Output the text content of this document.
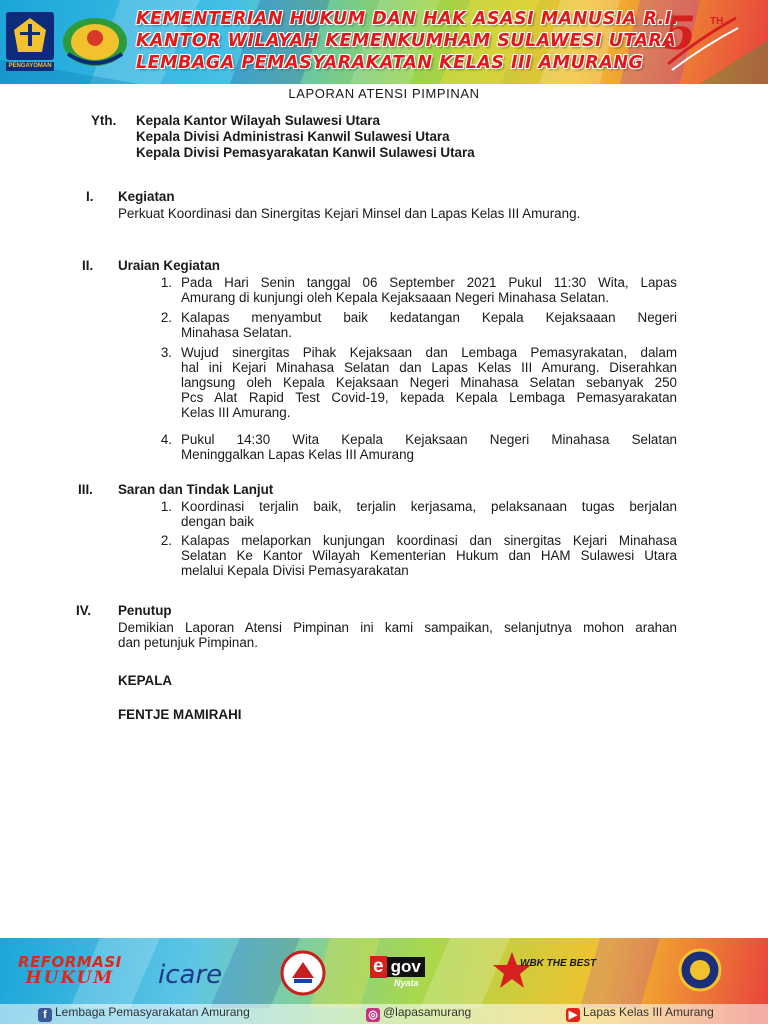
PENGAYOMAN
KEMENTERIAN HUKUM DAN HAK ASASI MANUSIA R.I.
KANTOR WILAYAH KEMENKUMHAM SULAWESI UTARA
LEMBAGA PEMASYARAKATAN KELAS III AMURANG
5 TH
LAPORAN ATENSI PIMPINAN
Yth. Kepala Kantor Wilayah Sulawesi Utara
Kepala Divisi Administrasi Kanwil Sulawesi Utara
Kepala Divisi Pemasyarakatan Kanwil Sulawesi Utara
I. Kegiatan
Perkuat Koordinasi dan Sinergitas Kejari Minsel dan Lapas Kelas III Amurang.
II. Uraian Kegiatan
1. Pada Hari Senin tanggal 06 September 2021 Pukul 11:30 Wita, Lapas
Amurang di kunjungi oleh Kepala Kejaksaaan Negeri Minahasa Selatan.
2. Kalapas menyambut baik kedatangan Kepala Kejaksaaan Negeri
Minahasa Selatan.
3. Wujud sinergitas Pihak Kejaksaan dan Lembaga Pemasyrakatan, dalam
hal ini Kejari Minahasa Selatan dan Lapas Kelas III Amurang. Diserahkan
langsung oleh Kepala Kejaksaan Negeri Minahasa Selatan sebanyak 250
Pcs Alat Rapid Test Covid-19, kepada Kepala Lembaga Pemasyarakatan
Kelas III Amurang.
4. Pukul 14:30 Wita Kepala Kejaksaan Negeri Minahasa Selatan
Meninggalkan Lapas Kelas III Amurang
III. Saran dan Tindak Lanjut
1. Koordinasi terjalin baik, terjalin kerjasama, pelaksanaan tugas berjalan
dengan baik
2. Kalapas melaporkan kunjungan koordinasi dan sinergitas Kejari Minahasa
Selatan Ke Kantor Wilayah Kementerian Hukum dan HAM Sulawesi Utara
melalui Kepala Divisi Pemasyarakatan
IV. Penutup
Demikian Laporan Atensi Pimpinan ini kami sampaikan, selanjutnya mohon arahan
dan petunjuk Pimpinan.
KEPALA
FENTJE MAMIRAHI
REFORMASI
HUKUM icare	e gov
Nyata
WBK THE BEST
f Lembaga Pemasyarakatan Amurang	◎ @lapasamurang	▶ Lapas Kelas III Amurang
